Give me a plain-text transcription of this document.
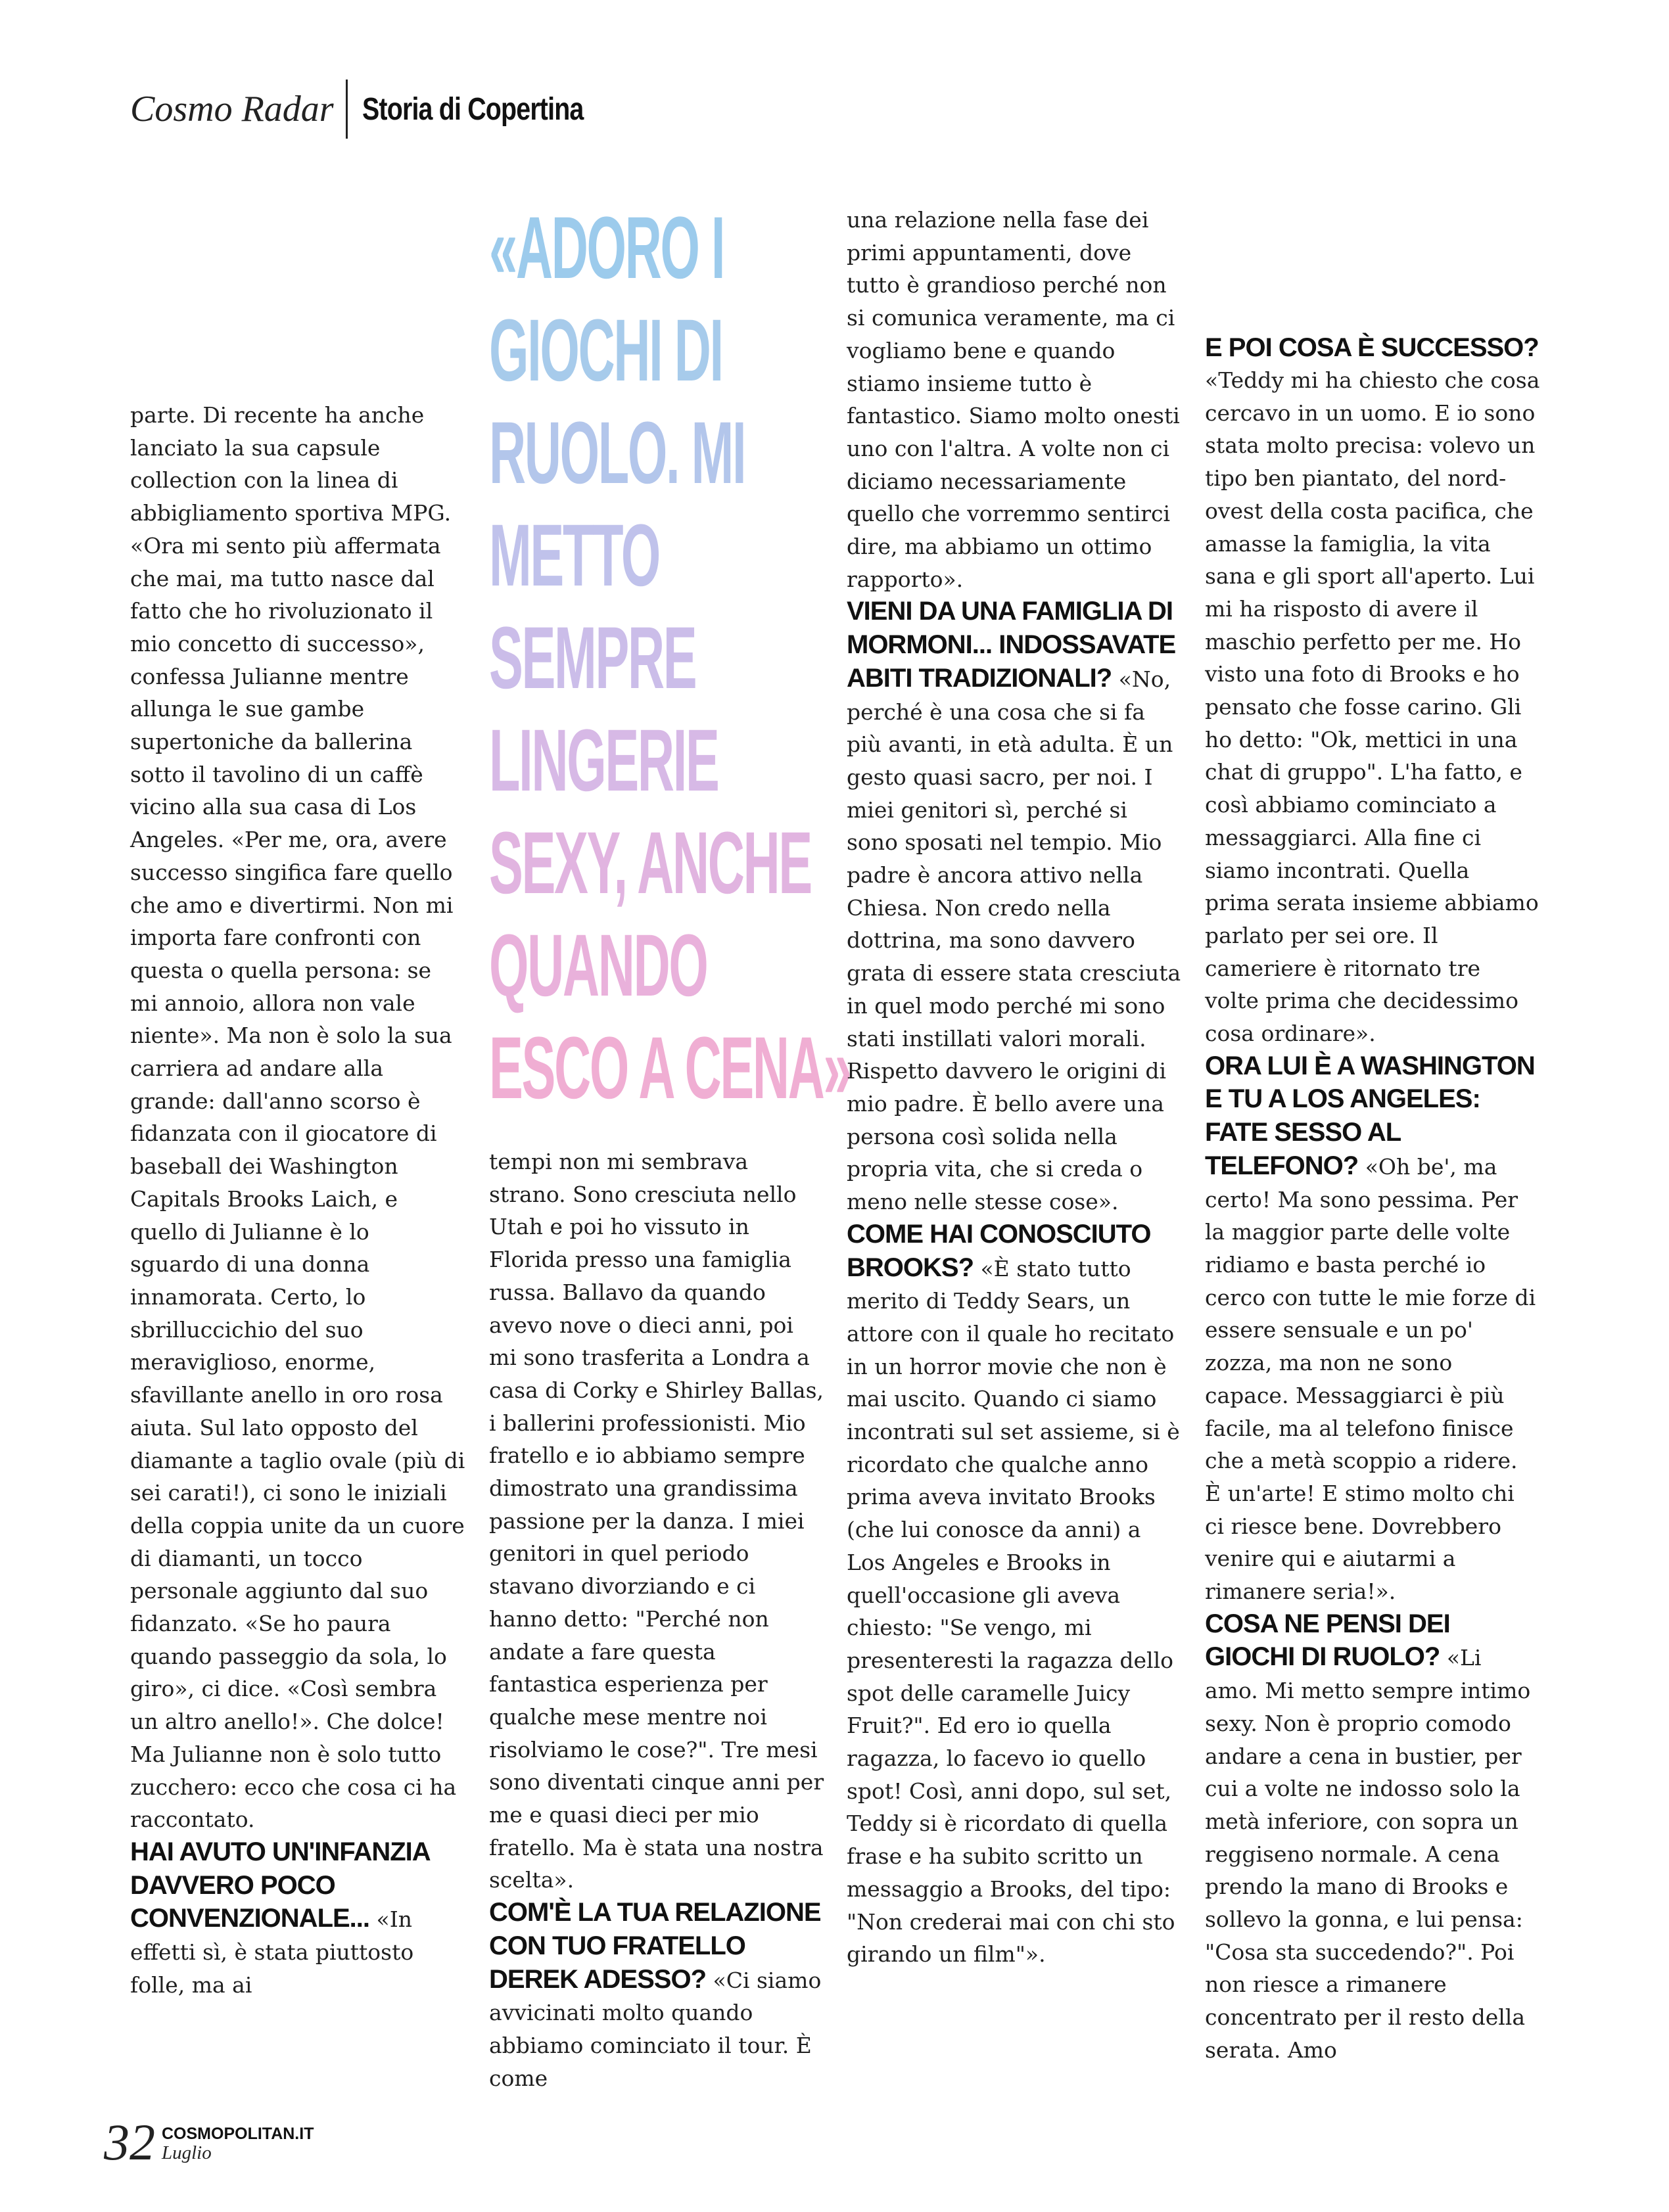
Cosmo Radar Storia di Copertina

parte. Di recente ha anche lanciato la sua capsule collection con la linea di abbigliamento sportiva MPG. «Ora mi sento più affermata che mai, ma tutto nasce dal fatto che ho rivoluzionato il mio concetto di successo», confessa Julianne mentre allunga le sue gambe supertoniche da ballerina sotto il tavolino di un caffè vicino alla sua casa di Los Angeles. «Per me, ora, avere successo singifica fare quello che amo e divertirmi. Non mi importa fare confronti con questa o quella persona: se mi annoio, allora non vale niente». Ma non è solo la sua carriera ad andare alla grande: dall'anno scorso è fidanzata con il giocatore di baseball dei Washington Capitals Brooks Laich, e quello di Julianne è lo sguardo di una donna innamorata. Certo, lo sbrilluccichio del suo meraviglioso, enorme, sfavillante anello in oro rosa aiuta. Sul lato opposto del diamante a taglio ovale (più di sei carati!), ci sono le iniziali della coppia unite da un cuore di diamanti, un tocco personale aggiunto dal suo fidanzato. «Se ho paura quando passeggio da sola, lo giro», ci dice. «Così sembra un altro anello!». Che dolce! Ma Julianne non è solo tutto zucchero: ecco che cosa ci ha raccontato.

HAI AVUTO UN'INFANZIA DAVVERO POCO CONVENZIONALE... «In effetti sì, è stata piuttosto folle, ma ai

«ADORO I
GIOCHI DI
RUOLO. MI
METTO
SEMPRE
LINGERIE
SEXY, ANCHE
QUANDO
ESCO A CENA»

tempi non mi sembrava strano. Sono cresciuta nello Utah e poi ho vissuto in Florida presso una famiglia russa. Ballavo da quando avevo nove o dieci anni, poi mi sono trasferita a Londra a casa di Corky e Shirley Ballas, i ballerini professionisti. Mio fratello e io abbiamo sempre dimostrato una grandissima passione per la danza. I miei genitori in quel periodo stavano divorziando e ci hanno detto: "Perché non andate a fare questa fantastica esperienza per qualche mese mentre noi risolviamo le cose?". Tre mesi sono diventati cinque anni per me e quasi dieci per mio fratello. Ma è stata una nostra scelta».

COM'È LA TUA RELAZIONE CON TUO FRATELLO DEREK ADESSO? «Ci siamo avvicinati molto quando abbiamo cominciato il tour. È come

una relazione nella fase dei primi appuntamenti, dove tutto è grandioso perché non si comunica veramente, ma ci vogliamo bene e quando stiamo insieme tutto è fantastico. Siamo molto onesti uno con l'altra. A volte non ci diciamo necessariamente quello che vorremmo sentirci dire, ma abbiamo un ottimo rapporto».

VIENI DA UNA FAMIGLIA DI MORMONI... INDOSSAVATE ABITI TRADIZIONALI? «No, perché è una cosa che si fa più avanti, in età adulta. È un gesto quasi sacro, per noi. I miei genitori sì, perché si sono sposati nel tempio. Mio padre è ancora attivo nella Chiesa. Non credo nella dottrina, ma sono davvero grata di essere stata cresciuta in quel modo perché mi sono stati instillati valori morali. Rispetto davvero le origini di mio padre. È bello avere una persona così solida nella propria vita, che si creda o meno nelle stesse cose».

COME HAI CONOSCIUTO BROOKS? «È stato tutto merito di Teddy Sears, un attore con il quale ho recitato in un horror movie che non è mai uscito. Quando ci siamo incontrati sul set assieme, si è ricordato che qualche anno prima aveva invitato Brooks (che lui conosce da anni) a Los Angeles e Brooks in quell'occasione gli aveva chiesto: "Se vengo, mi presenteresti la ragazza dello spot delle caramelle Juicy Fruit?". Ed ero io quella ragazza, lo facevo io quello spot! Così, anni dopo, sul set, Teddy si è ricordato di quella frase e ha subito scritto un messaggio a Brooks, del tipo: "Non crederai mai con chi sto girando un film"».

E POI COSA È SUCCESSO?

«Teddy mi ha chiesto che cosa cercavo in un uomo. E io sono stata molto precisa: volevo un tipo ben piantato, del nord-ovest della costa pacifica, che amasse la famiglia, la vita sana e gli sport all'aperto. Lui mi ha risposto di avere il maschio perfetto per me. Ho visto una foto di Brooks e ho pensato che fosse carino. Gli ho detto: "Ok, mettici in una chat di gruppo". L'ha fatto, e così abbiamo cominciato a messaggiarci. Alla fine ci siamo incontrati. Quella prima serata insieme abbiamo parlato per sei ore. Il cameriere è ritornato tre volte prima che decidessimo cosa ordinare».

ORA LUI È A WASHINGTON E TU A LOS ANGELES: FATE SESSO AL TELEFONO? «Oh be', ma certo! Ma sono pessima. Per la maggior parte delle volte ridiamo e basta perché io cerco con tutte le mie forze di essere sensuale e un po' zozza, ma non ne sono capace. Messaggiarci è più facile, ma al telefono finisce che a metà scoppio a ridere. È un'arte! E stimo molto chi ci riesce bene. Dovrebbero venire qui e aiutarmi a rimanere seria!».

COSA NE PENSI DEI GIOCHI DI RUOLO? «Li amo. Mi metto sempre intimo sexy. Non è proprio comodo andare a cena in bustier, per cui a volte ne indosso solo la metà inferiore, con sopra un reggiseno normale. A cena prendo la mano di Brooks e sollevo la gonna, e lui pensa: "Cosa sta succedendo?". Poi non riesce a rimanere concentrato per il resto della serata. Amo

32 COSMOPOLITAN.IT
Luglio
